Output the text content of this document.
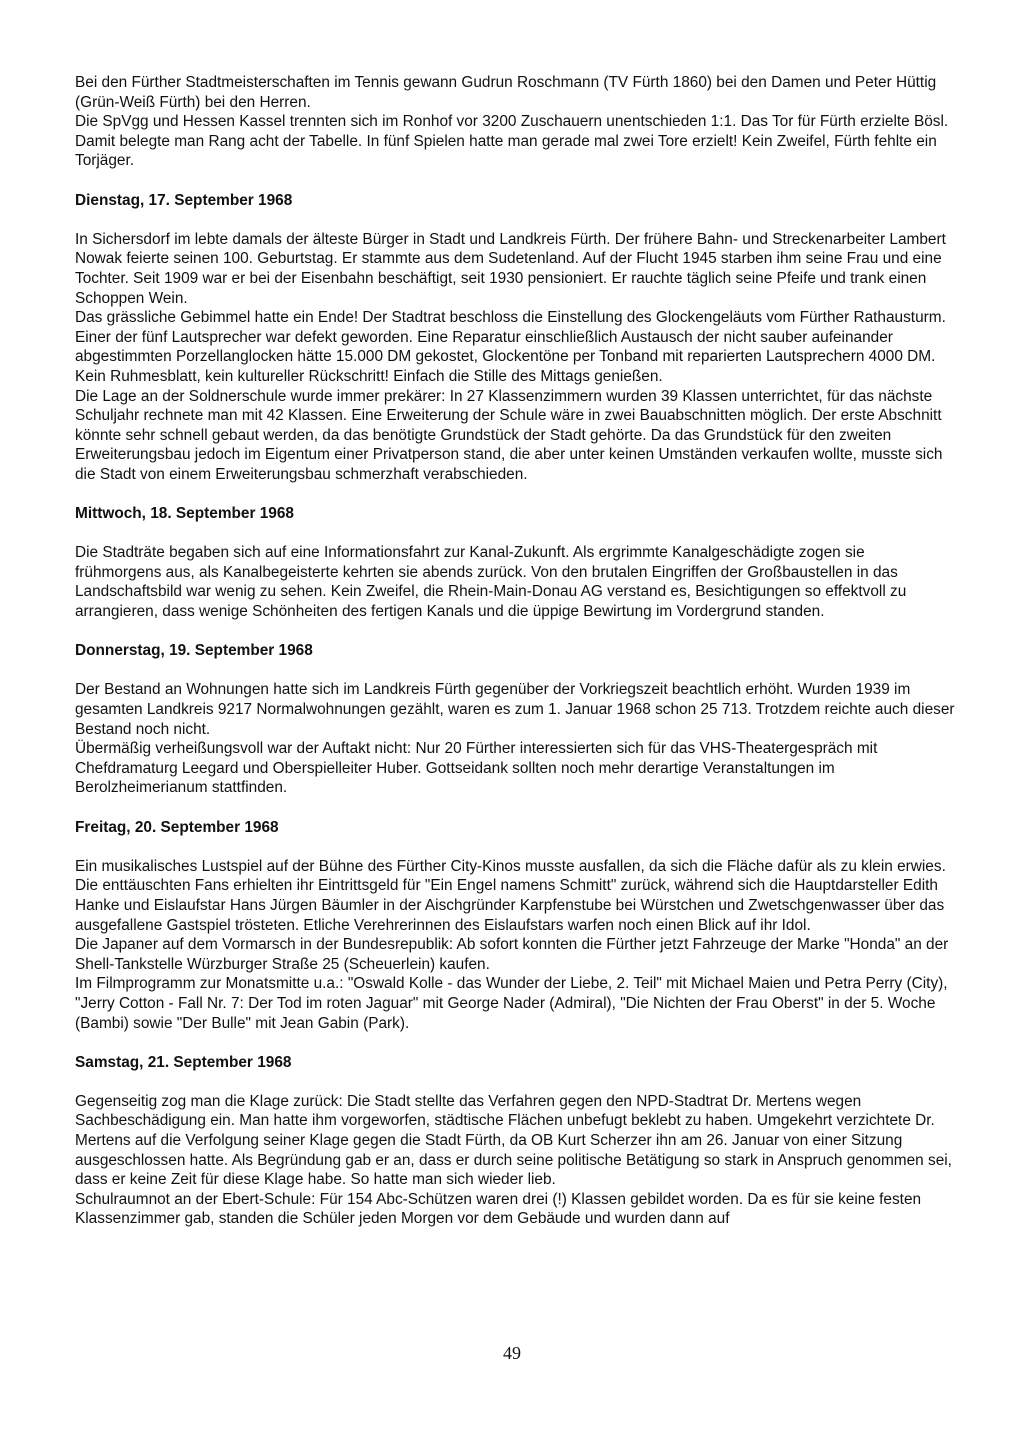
Bei den Fürther Stadtmeisterschaften im Tennis gewann Gudrun Roschmann (TV Fürth 1860) bei den Damen und Peter Hüttig (Grün-Weiß Fürth) bei den Herren.

Die SpVgg und Hessen Kassel trennten sich im Ronhof vor 3200 Zuschauern unentschieden 1:1. Das Tor für Fürth erzielte Bösl. Damit belegte man Rang acht der Tabelle. In fünf Spielen hatte man gerade mal zwei Tore erzielt! Kein Zweifel, Fürth fehlte ein Torjäger.

Dienstag, 17. September 1968

In Sichersdorf im lebte damals der älteste Bürger in Stadt und Landkreis Fürth. Der frühere Bahn- und Streckenarbeiter Lambert Nowak feierte seinen 100. Geburtstag. Er stammte aus dem Sudetenland. Auf der Flucht 1945 starben ihm seine Frau und eine Tochter. Seit 1909 war er bei der Eisenbahn beschäftigt, seit 1930 pensioniert. Er rauchte täglich seine Pfeife und trank einen Schoppen Wein.

Das grässliche Gebimmel hatte ein Ende! Der Stadtrat beschloss die Einstellung des Glockengeläuts vom Fürther Rathausturm. Einer der fünf Lautsprecher war defekt geworden. Eine Reparatur einschließlich Austausch der nicht sauber aufeinander abgestimmten Porzellanglocken hätte 15.000 DM gekostet, Glockentöne per Tonband mit reparierten Lautsprechern 4000 DM. Kein Ruhmesblatt, kein kultureller Rückschritt! Einfach die Stille des Mittags genießen.

Die Lage an der Soldnerschule wurde immer prekärer: In 27 Klassenzimmern wurden 39 Klassen unterrichtet, für das nächste Schuljahr rechnete man mit 42 Klassen. Eine Erweiterung der Schule wäre in zwei Bauabschnitten möglich. Der erste Abschnitt könnte sehr schnell gebaut werden, da das benötigte Grundstück der Stadt gehörte. Da das Grundstück für den zweiten Erweiterungsbau jedoch im Eigentum einer Privatperson stand, die aber unter keinen Umständen verkaufen wollte, musste sich die Stadt von einem Erweiterungsbau schmerzhaft verabschieden.

Mittwoch, 18. September 1968

Die Stadträte begaben sich auf eine Informationsfahrt zur Kanal-Zukunft. Als ergrimmte Kanalgeschädigte zogen sie frühmorgens aus, als Kanalbegeisterte kehrten sie abends zurück. Von den brutalen Eingriffen der Großbaustellen in das Landschaftsbild war wenig zu sehen. Kein Zweifel, die Rhein-Main-Donau AG verstand es, Besichtigungen so effektvoll zu arrangieren, dass wenige Schönheiten des fertigen Kanals und die üppige Bewirtung im Vordergrund standen.

Donnerstag, 19. September 1968

Der Bestand an Wohnungen hatte sich im Landkreis Fürth gegenüber der Vorkriegszeit beachtlich erhöht. Wurden 1939 im gesamten Landkreis 9217 Normalwohnungen gezählt, waren es zum 1. Januar 1968 schon 25 713. Trotzdem reichte auch dieser Bestand noch nicht.

Übermäßig verheißungsvoll war der Auftakt nicht: Nur 20 Fürther interessierten sich für das VHS-Theatergespräch mit Chefdramaturg Leegard und Oberspielleiter Huber. Gottseidank sollten noch mehr derartige Veranstaltungen im Berolzheimerianum stattfinden.

Freitag, 20. September 1968

Ein musikalisches Lustspiel auf der Bühne des Fürther City-Kinos musste ausfallen, da sich die Fläche dafür als zu klein erwies. Die enttäuschten Fans erhielten ihr Eintrittsgeld für "Ein Engel namens Schmitt" zurück, während sich die Hauptdarsteller Edith Hanke und Eislaufstar Hans Jürgen Bäumler in der Aischgründer Karpfenstube bei Würstchen und Zwetschgenwasser über das ausgefallene Gastspiel trösteten. Etliche Verehrerinnen des Eislaufstars warfen noch einen Blick auf ihr Idol.

Die Japaner auf dem Vormarsch in der Bundesrepublik: Ab sofort konnten die Fürther jetzt Fahrzeuge der Marke "Honda" an der Shell-Tankstelle Würzburger Straße 25 (Scheuerlein) kaufen.

Im Filmprogramm zur Monatsmitte u.a.: "Oswald Kolle - das Wunder der Liebe, 2. Teil" mit Michael Maien und Petra Perry (City), "Jerry Cotton - Fall Nr. 7: Der Tod im roten Jaguar" mit George Nader (Admiral), "Die Nichten der Frau Oberst" in der 5. Woche (Bambi) sowie "Der Bulle" mit Jean Gabin (Park).

Samstag, 21. September 1968

Gegenseitig zog man die Klage zurück: Die Stadt stellte das Verfahren gegen den NPD-Stadtrat Dr. Mertens wegen Sachbeschädigung ein. Man hatte ihm vorgeworfen, städtische Flächen unbefugt beklebt zu haben. Umgekehrt verzichtete Dr. Mertens auf die Verfolgung seiner Klage gegen die Stadt Fürth, da OB Kurt Scherzer ihn am 26. Januar von einer Sitzung ausgeschlossen hatte. Als Begründung gab er an, dass er durch seine politische Betätigung so stark in Anspruch genommen sei, dass er keine Zeit für diese Klage habe. So hatte man sich wieder lieb.

Schulraumnot an der Ebert-Schule: Für 154 Abc-Schützen waren drei (!) Klassen gebildet worden. Da es für sie keine festen Klassenzimmer gab, standen die Schüler jeden Morgen vor dem Gebäude und wurden dann auf

49
